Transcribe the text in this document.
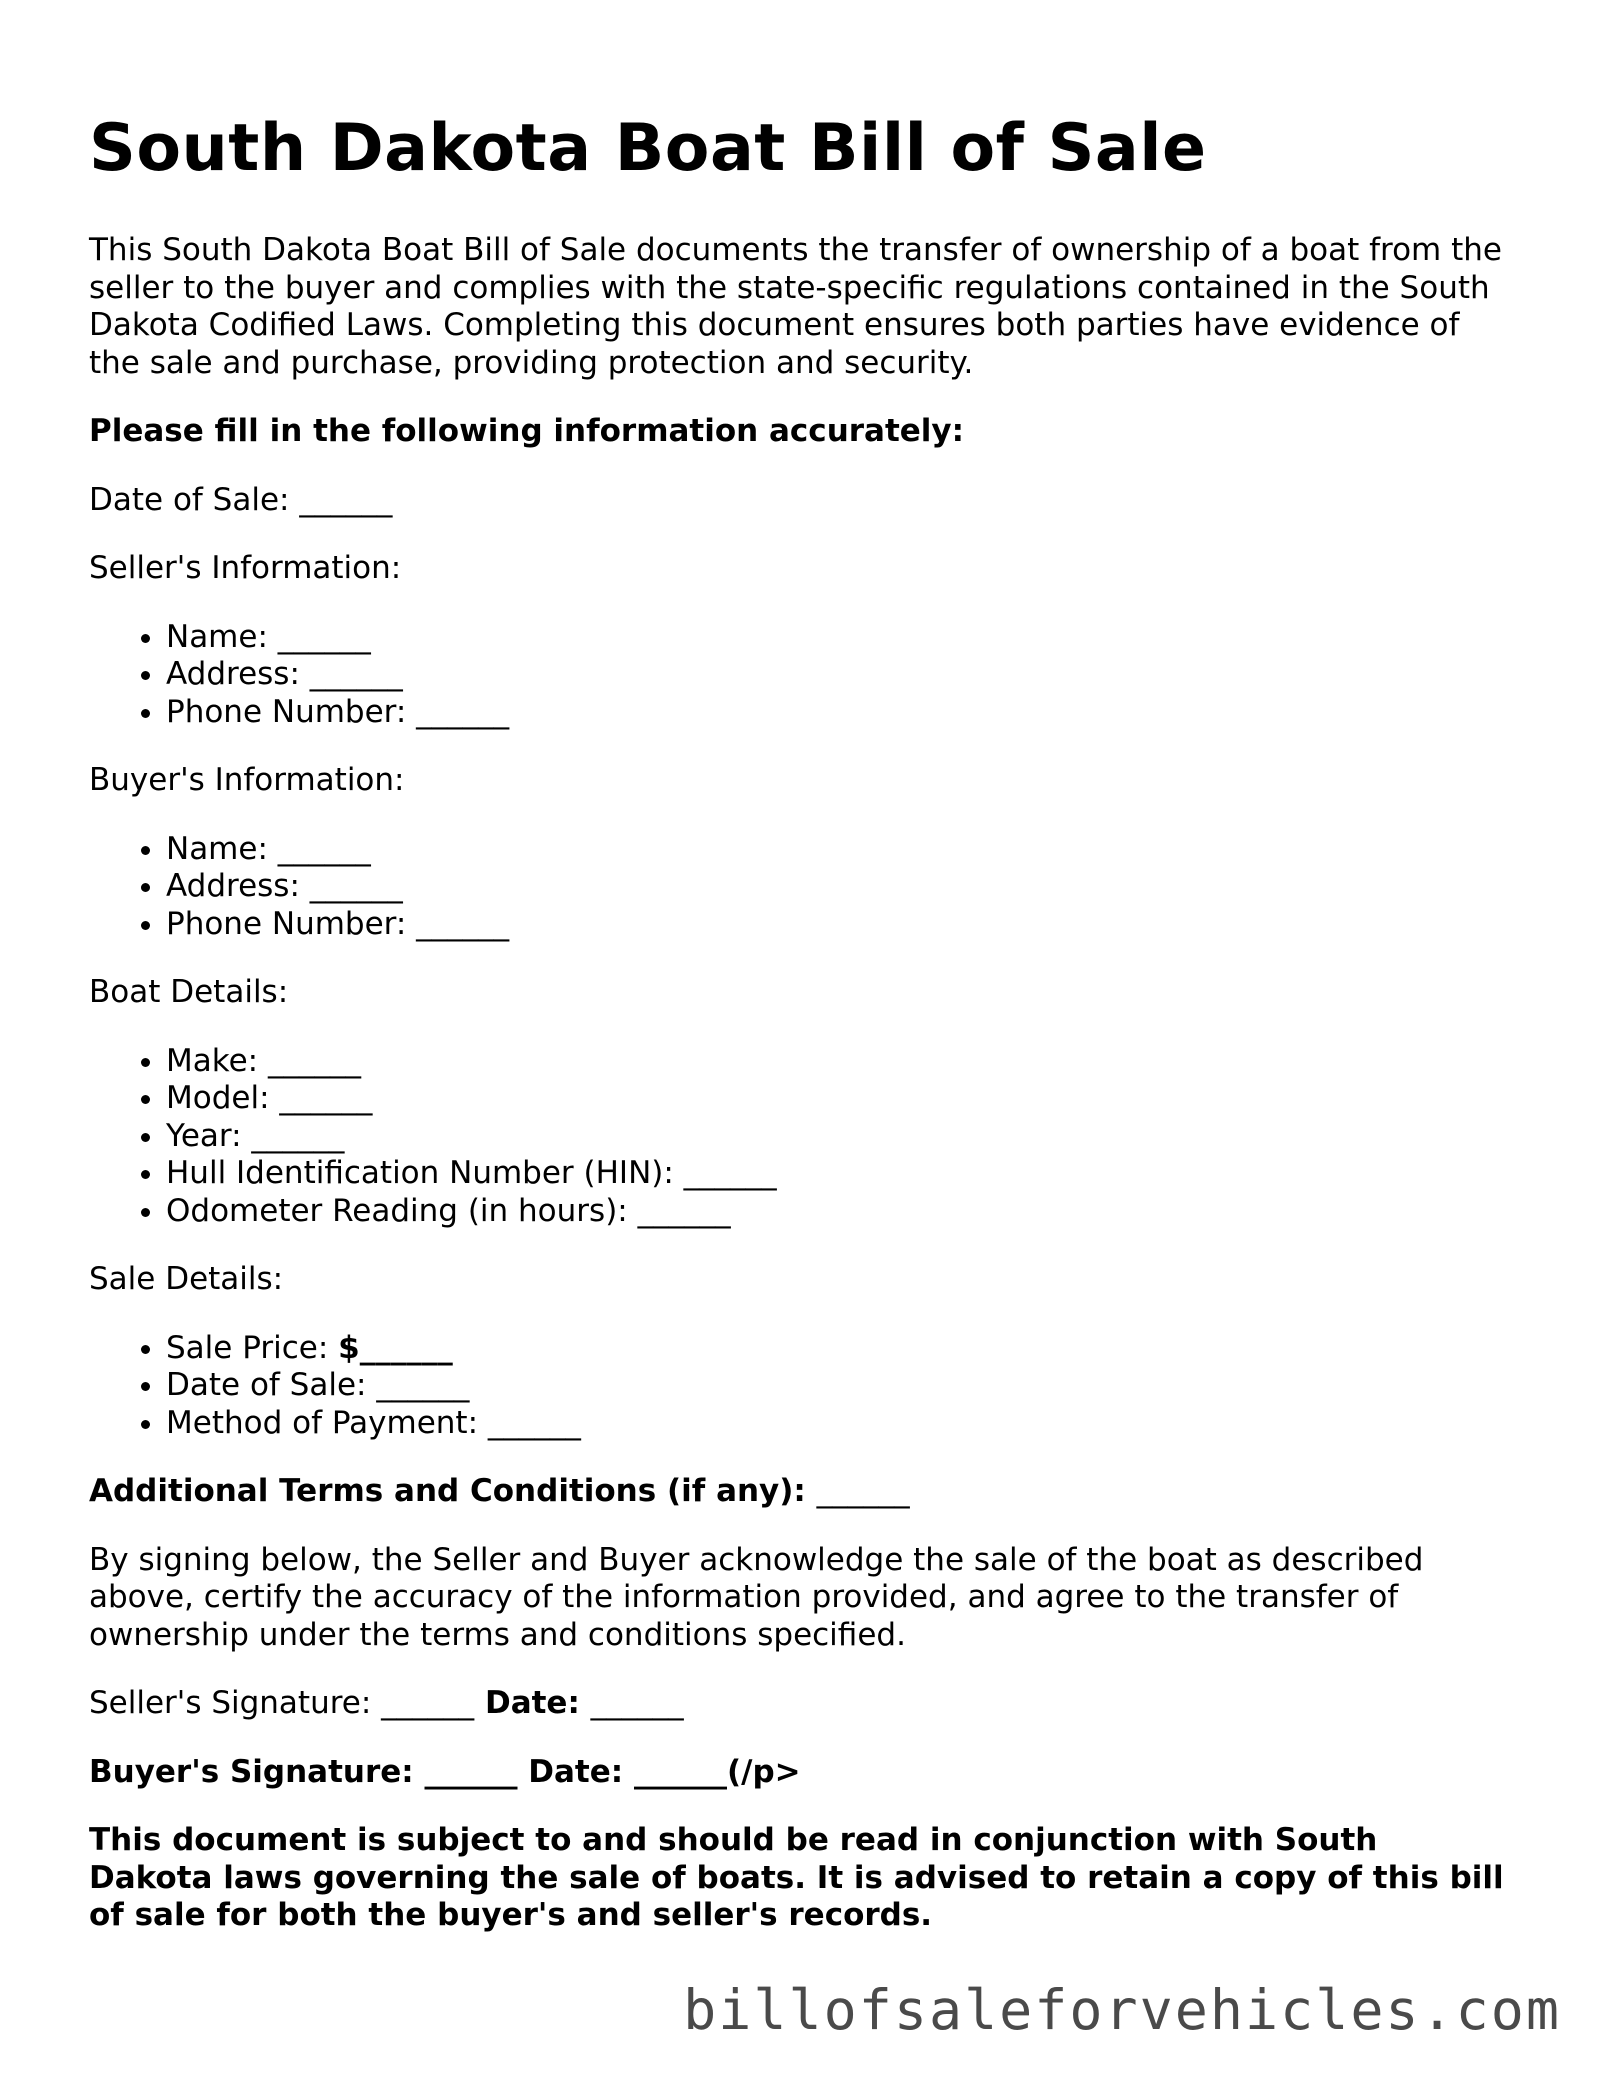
South Dakota Boat Bill of Sale

This South Dakota Boat Bill of Sale documents the transfer of ownership of a boat from the seller to the buyer and complies with the state-specific regulations contained in the South Dakota Codified Laws. Completing this document ensures both parties have evidence of the sale and purchase, providing protection and security.

Please fill in the following information accurately:

Date of Sale: ______

Seller's Information:

• Name: ______
• Address: ______
• Phone Number: ______

Buyer's Information:

• Name: ______
• Address: ______
• Phone Number: ______

Boat Details:

• Make: ______
• Model: ______
• Year: ______
• Hull Identification Number (HIN): ______
• Odometer Reading (in hours): ______

Sale Details:

• Sale Price: $______
• Date of Sale: ______
• Method of Payment: ______

Additional Terms and Conditions (if any): ______

By signing below, the Seller and Buyer acknowledge the sale of the boat as described above, certify the accuracy of the information provided, and agree to the transfer of ownership under the terms and conditions specified.

Seller's Signature: ______ Date: ______

Buyer's Signature: ______ Date: ______(/p>

This document is subject to and should be read in conjunction with South Dakota laws governing the sale of boats. It is advised to retain a copy of this bill of sale for both the buyer's and seller's records.

billofsaleforvehicles.com
